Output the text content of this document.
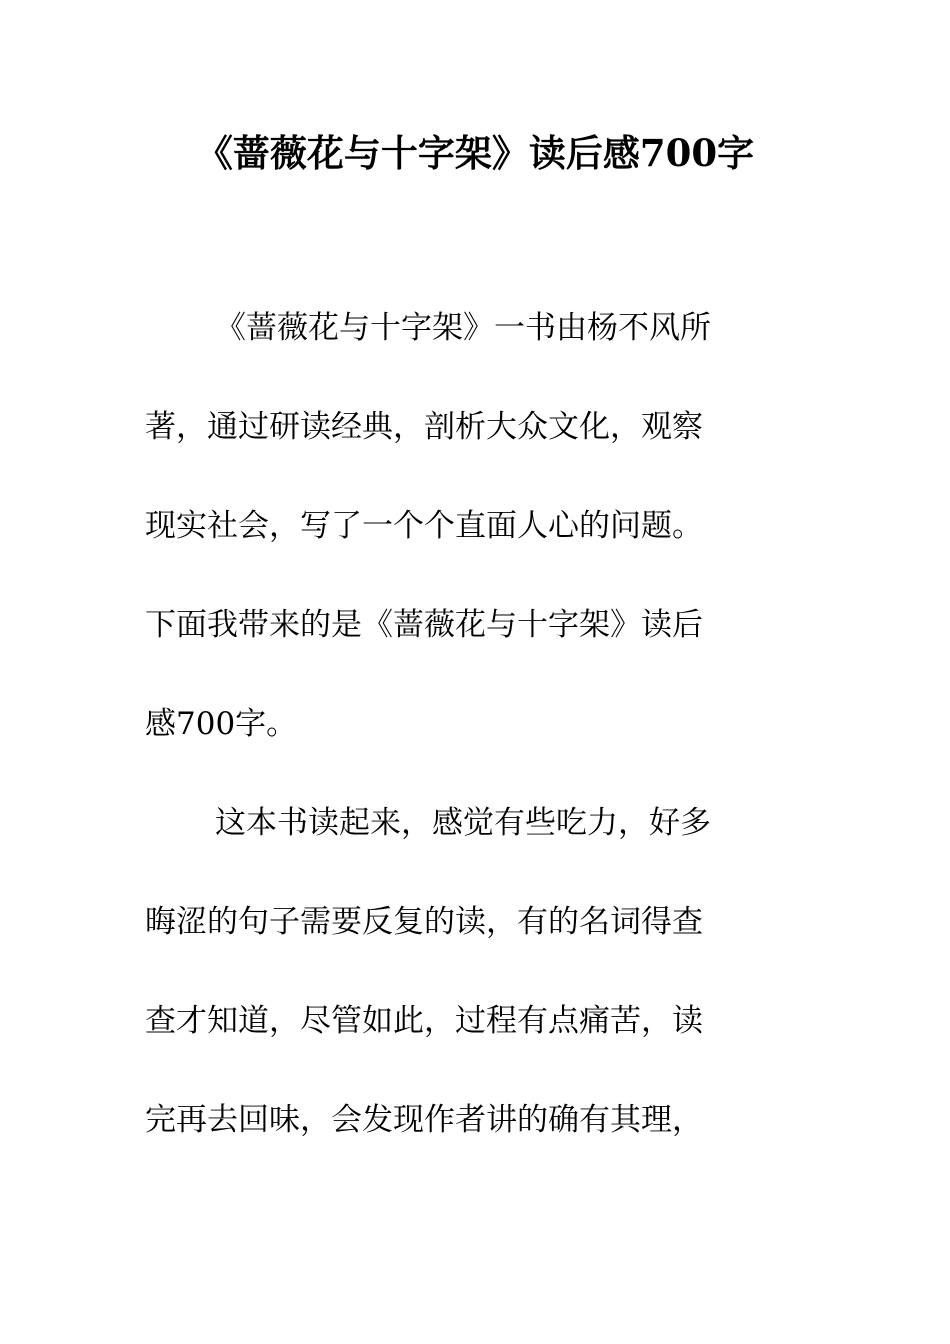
《蔷薇花与十字架》读后感700字
《蔷薇花与十字架》一书由杨不风所
著，通过研读经典，剖析大众文化，观察
现实社会，写了一个个直面人心的问题。
下面我带来的是《蔷薇花与十字架》读后
感700字。
这本书读起来，感觉有些吃力，好多
晦涩的句子需要反复的读，有的名词得查
查才知道，尽管如此，过程有点痛苦，读
完再去回味，会发现作者讲的确有其理，
